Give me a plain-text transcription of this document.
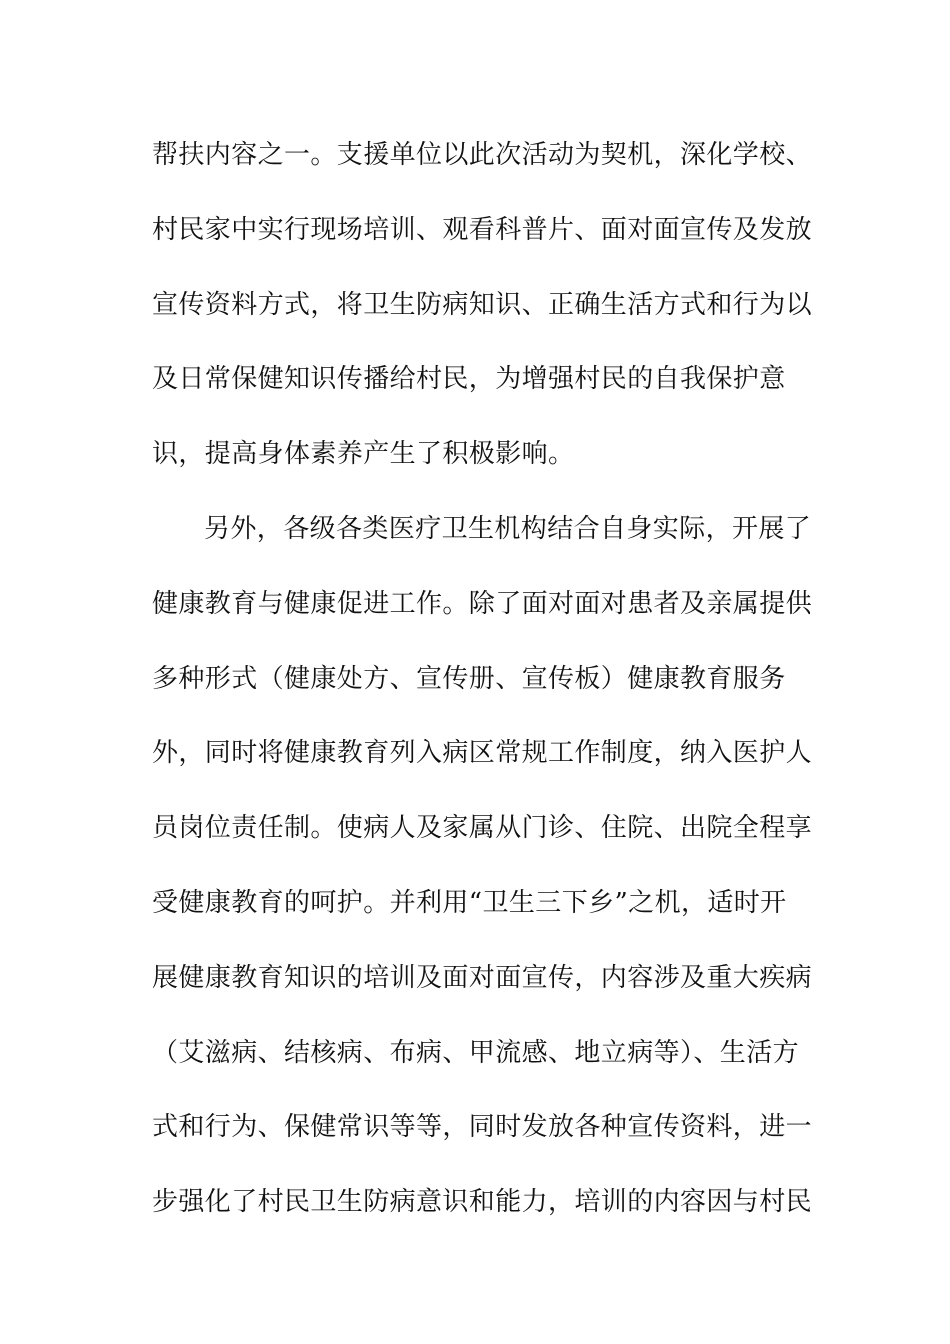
帮扶内容之一。支援单位以此次活动为契机，深化学校、

村民家中实行现场培训、观看科普片、面对面宣传及发放

宣传资料方式，将卫生防病知识、正确生活方式和行为以

及日常保健知识传播给村民，为增强村民的自我保护意

识，提高身体素养产生了积极影响。

另外，各级各类医疗卫生机构结合自身实际，开展了

健康教育与健康促进工作。除了面对面对患者及亲属提供

多种形式（健康处方、宣传册、宣传板）健康教育服务

外，同时将健康教育列入病区常规工作制度，纳入医护人

员岗位责任制。使病人及家属从门诊、住院、出院全程享

受健康教育的呵护。并利用“卫生三下乡”之机，适时开

展健康教育知识的培训及面对面宣传，内容涉及重大疾病

（艾滋病、结核病、布病、甲流感、地立病等）、生活方

式和行为、保健常识等等，同时发放各种宣传资料，进一

步强化了村民卫生防病意识和能力，培训的内容因与村民
